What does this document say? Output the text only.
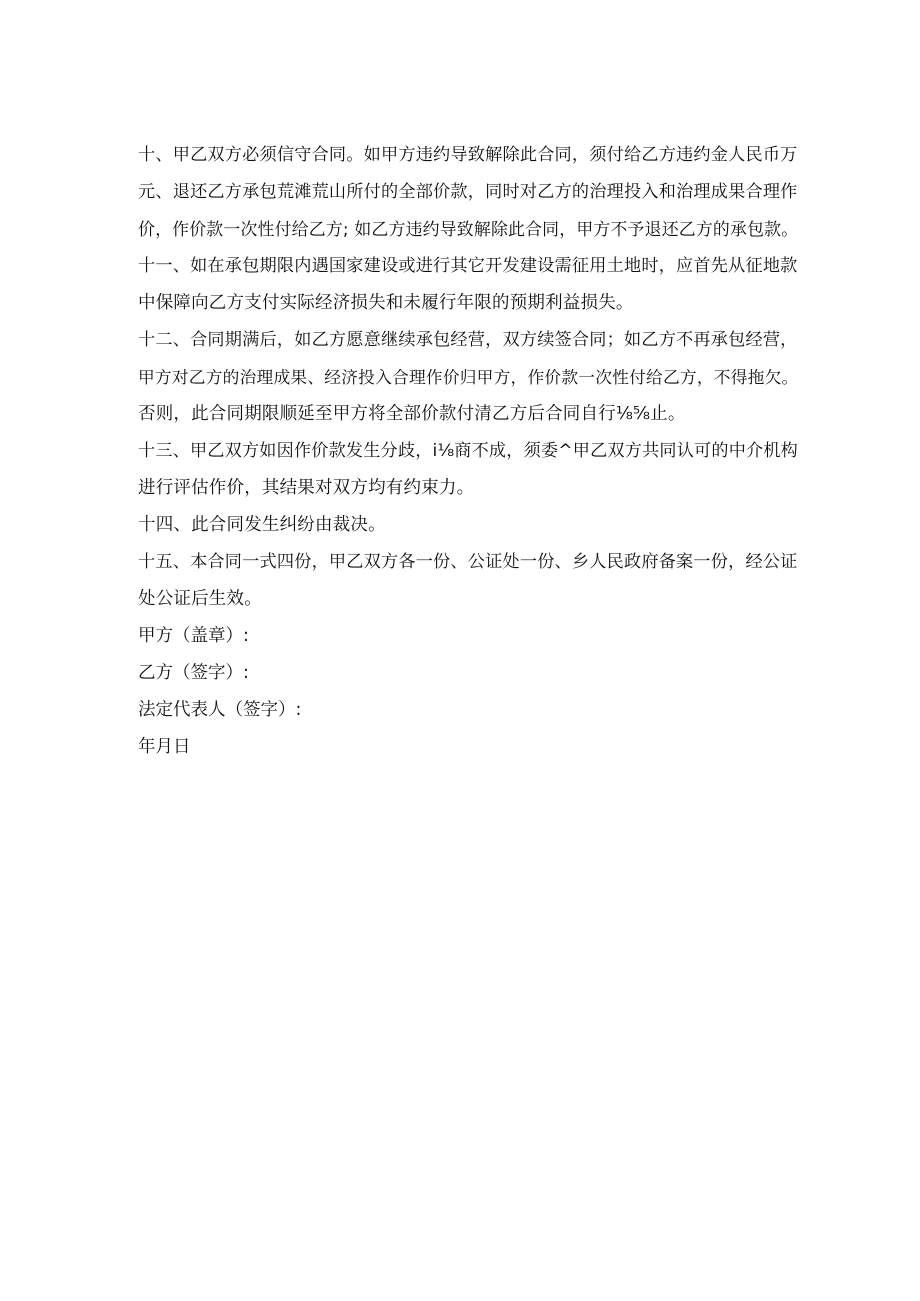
十、甲乙双方必须信守合同。如甲方违约导致解除此合同，须付给乙方违约金人民币万
元、退还乙方承包荒滩荒山所付的全部价款，同时对乙方的治理投入和治理成果合理作
价，作价款一次性付给乙方; 如乙方违约导致解除此合同，甲方不予退还乙方的承包款。

十一、如在承包期限内遇国家建设或进行其它开发建设需征用土地时，应首先从征地款
中保障向乙方支付实际经济损失和未履行年限的预期利益损失。

十二、合同期满后，如乙方愿意继续承包经营，双方续签合同；如乙方不再承包经营，
甲方对乙方的治理成果、经济投入合理作价归甲方，作价款一次性付给乙方，不得拖欠。
否则，此合同期限顺延至甲方将全部价款付清乙方后合同自行⅛⅝止。

十三、甲乙双方如因作价款发生分歧，i⅛商不成，须委^甲乙双方共同认可的中介机构
进行评估作价，其结果对双方均有约束力。

十四、此合同发生纠纷由裁决。

十五、本合同一式四份，甲乙双方各一份、公证处一份、乡人民政府备案一份，经公证
处公证后生效。

甲方（盖章）:

乙方（签字）:

法定代表人（签字）:

年月日
